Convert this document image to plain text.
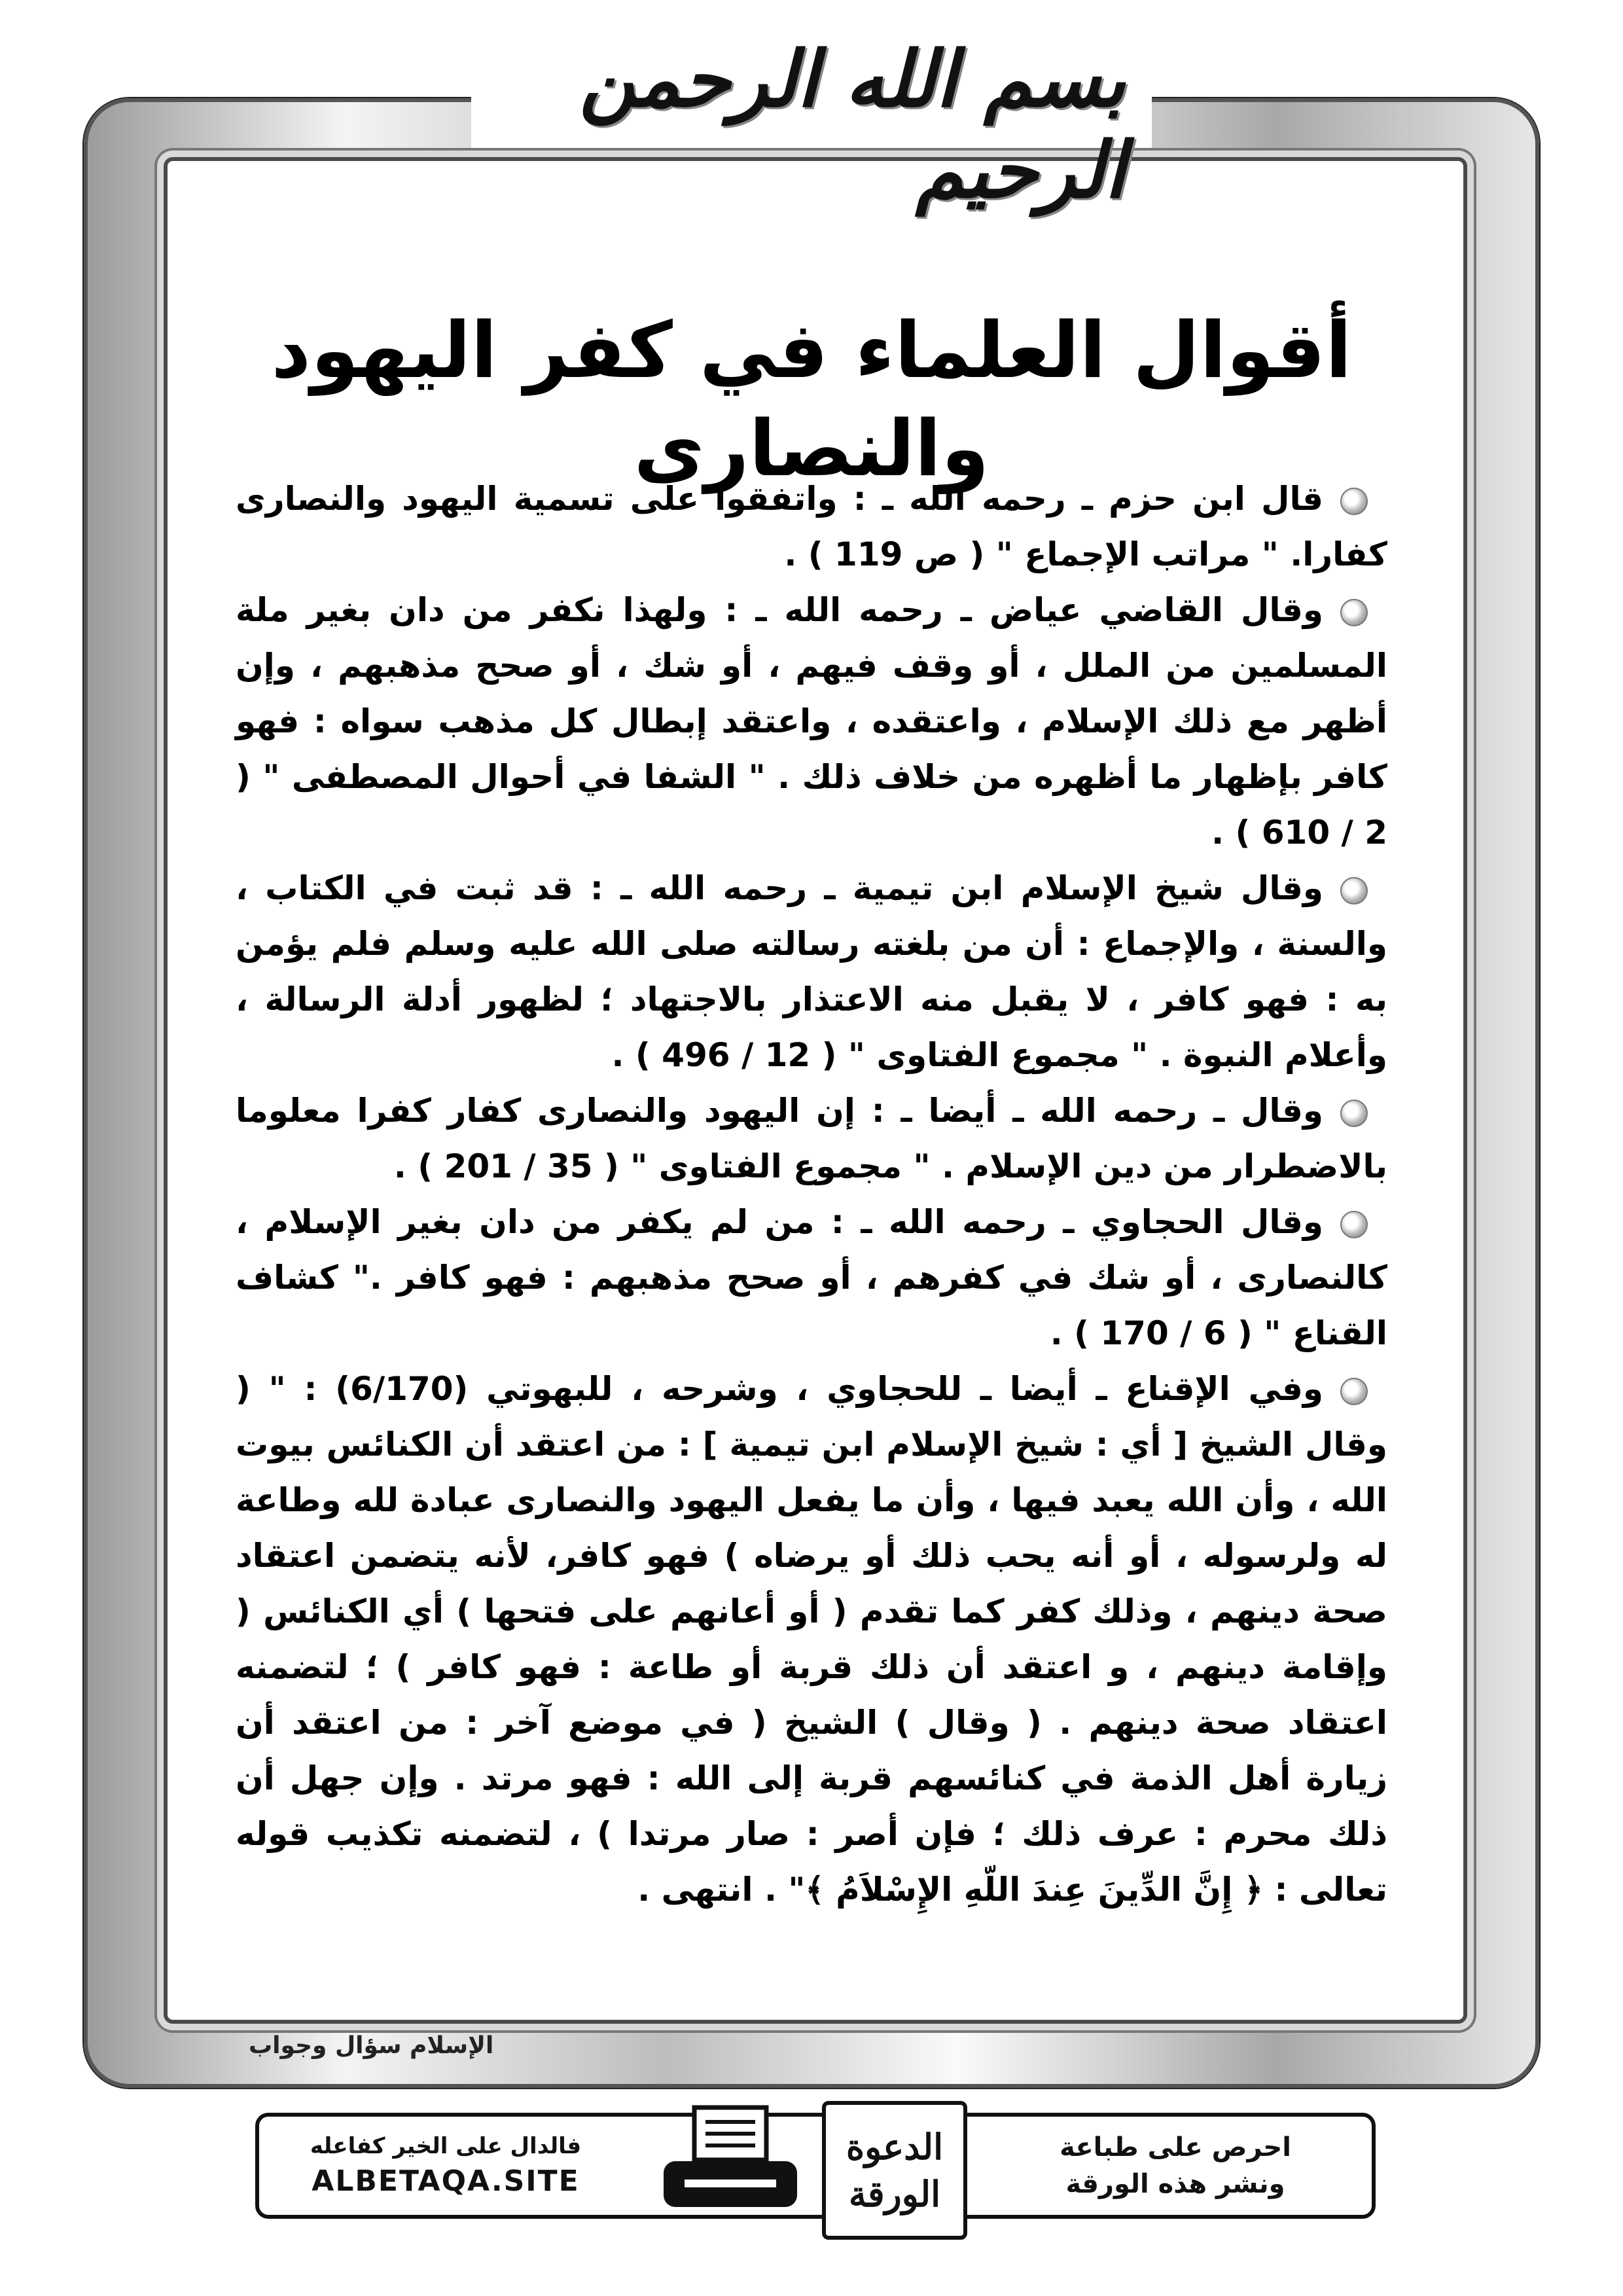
بسم الله الرحمن الرحيم
أقوال العلماء في كفر اليهود والنصارى

قال ابن حزم ـ رحمه الله ـ : واتفقوا على تسمية اليهود والنصارى كفارا. " مراتب الإجماع " ( ص 119 ) .

وقال القاضي عياض ـ رحمه الله ـ : ولهذا نكفر من دان بغير ملة المسلمين من الملل ، أو وقف فيهم ، أو شك ، أو صحح مذهبهم ، وإن أظهر مع ذلك الإسلام ، واعتقده ، واعتقد إبطال كل مذهب سواه : فهو كافر بإظهار ما أظهره من خلاف ذلك . " الشفا في أحوال المصطفى " ( 2 / 610 ) .

وقال شيخ الإسلام ابن تيمية ـ رحمه الله ـ : قد ثبت في الكتاب ، والسنة ، والإجماع : أن من بلغته رسالته صلى الله عليه وسلم فلم يؤمن به : فهو كافر ، لا يقبل منه الاعتذار بالاجتهاد ؛ لظهور أدلة الرسالة ، وأعلام النبوة . " مجموع الفتاوى " ( 12 / 496 ) .

وقال ـ رحمه الله ـ أيضا ـ : إن اليهود والنصارى كفار كفرا معلوما بالاضطرار من دين الإسلام . " مجموع الفتاوى " ( 35 / 201 ) .

وقال الحجاوي ـ رحمه الله ـ : من لم يكفر من دان بغير الإسلام ، كالنصارى ، أو شك في كفرهم ، أو صحح مذهبهم : فهو كافر ." كشاف القناع " ( 6 / 170 ) .

وفي الإقناع ـ أيضا ـ للحجاوي ، وشرحه ، للبهوتي (6/170) : " ( وقال الشيخ [ أي : شيخ الإسلام ابن تيمية ] : من اعتقد أن الكنائس بيوت الله ، وأن الله يعبد فيها ، وأن ما يفعل اليهود والنصارى عبادة لله وطاعة له ولرسوله ، أو أنه يحب ذلك أو يرضاه ) فهو كافر، لأنه يتضمن اعتقاد صحة دينهم ، وذلك كفر كما تقدم ( أو أعانهم على فتحها ) أي الكنائس ( وإقامة دينهم ، و اعتقد أن ذلك قربة أو طاعة : فهو كافر ) ؛ لتضمنه اعتقاد صحة دينهم . ( وقال ) الشيخ ( في موضع آخر : من اعتقد أن زيارة أهل الذمة في كنائسهم قربة إلى الله : فهو مرتد . وإن جهل أن ذلك محرم : عرف ذلك ؛ فإن أصر : صار مرتدا ) ، لتضمنه تكذيب قوله تعالى : ﴿ إِنَّ الدِّينَ عِندَ اللّهِ الإِسْلاَمُ ﴾" . انتهى .

الإسلام سؤال وجواب
فالدال على الخير كفاعله
ALBETAQA.SITE
الدعوة
الورقة
احرص على طباعة
ونشر هذه الورقة
